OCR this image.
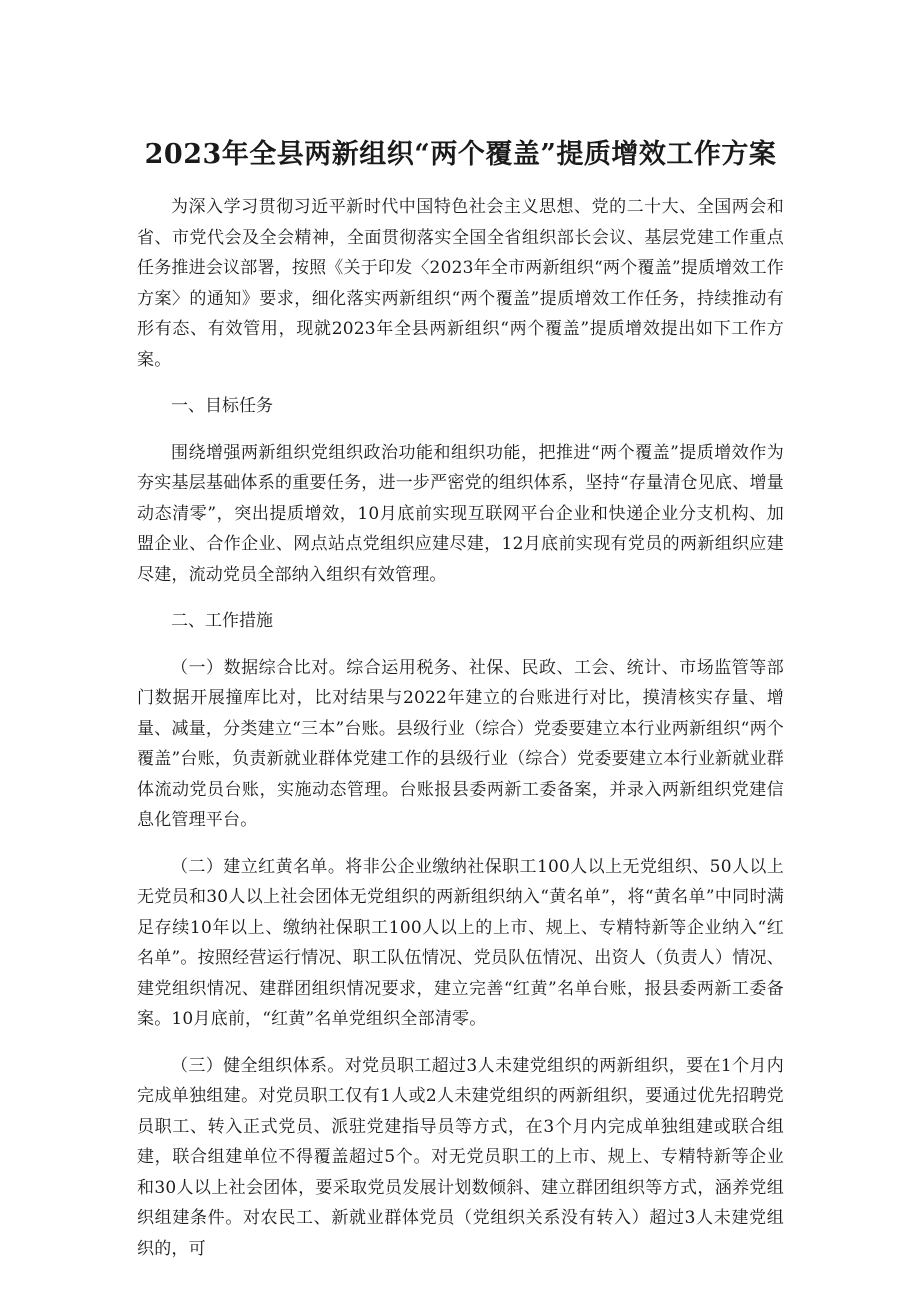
2023年全县两新组织“两个覆盖”提质增效工作方案

为深入学习贯彻习近平新时代中国特色社会主义思想、党的二十大、全国两会和省、市党代会及全会精神，全面贯彻落实全国全省组织部长会议、基层党建工作重点任务推进会议部署，按照《关于印发〈2023年全市两新组织“两个覆盖”提质增效工作方案〉的通知》要求，细化落实两新组织“两个覆盖”提质增效工作任务，持续推动有形有态、有效管用，现就2023年全县两新组织“两个覆盖”提质增效提出如下工作方案。

一、目标任务

围绕增强两新组织党组织政治功能和组织功能，把推进“两个覆盖”提质增效作为夯实基层基础体系的重要任务，进一步严密党的组织体系，坚持“存量清仓见底、增量动态清零”，突出提质增效，10月底前实现互联网平台企业和快递企业分支机构、加盟企业、合作企业、网点站点党组织应建尽建，12月底前实现有党员的两新组织应建尽建，流动党员全部纳入组织有效管理。

二、工作措施

（一）数据综合比对。综合运用税务、社保、民政、工会、统计、市场监管等部门数据开展撞库比对，比对结果与2022年建立的台账进行对比，摸清核实存量、增量、减量，分类建立“三本”台账。县级行业（综合）党委要建立本行业两新组织“两个覆盖”台账，负责新就业群体党建工作的县级行业（综合）党委要建立本行业新就业群体流动党员台账，实施动态管理。台账报县委两新工委备案，并录入两新组织党建信息化管理平台。

（二）建立红黄名单。将非公企业缴纳社保职工100人以上无党组织、50人以上无党员和30人以上社会团体无党组织的两新组织纳入“黄名单”，将“黄名单”中同时满足存续10年以上、缴纳社保职工100人以上的上市、规上、专精特新等企业纳入“红名单”。按照经营运行情况、职工队伍情况、党员队伍情况、出资人（负责人）情况、建党组织情况、建群团组织情况要求，建立完善“红黄”名单台账，报县委两新工委备案。10月底前，“红黄”名单党组织全部清零。

（三）健全组织体系。对党员职工超过3人未建党组织的两新组织，要在1个月内完成单独组建。对党员职工仅有1人或2人未建党组织的两新组织，要通过优先招聘党员职工、转入正式党员、派驻党建指导员等方式，在3个月内完成单独组建或联合组建，联合组建单位不得覆盖超过5个。对无党员职工的上市、规上、专精特新等企业和30人以上社会团体，要采取党员发展计划数倾斜、建立群团组织等方式，涵养党组织组建条件。对农民工、新就业群体党员（党组织关系没有转入）超过3人未建党组织的，可
